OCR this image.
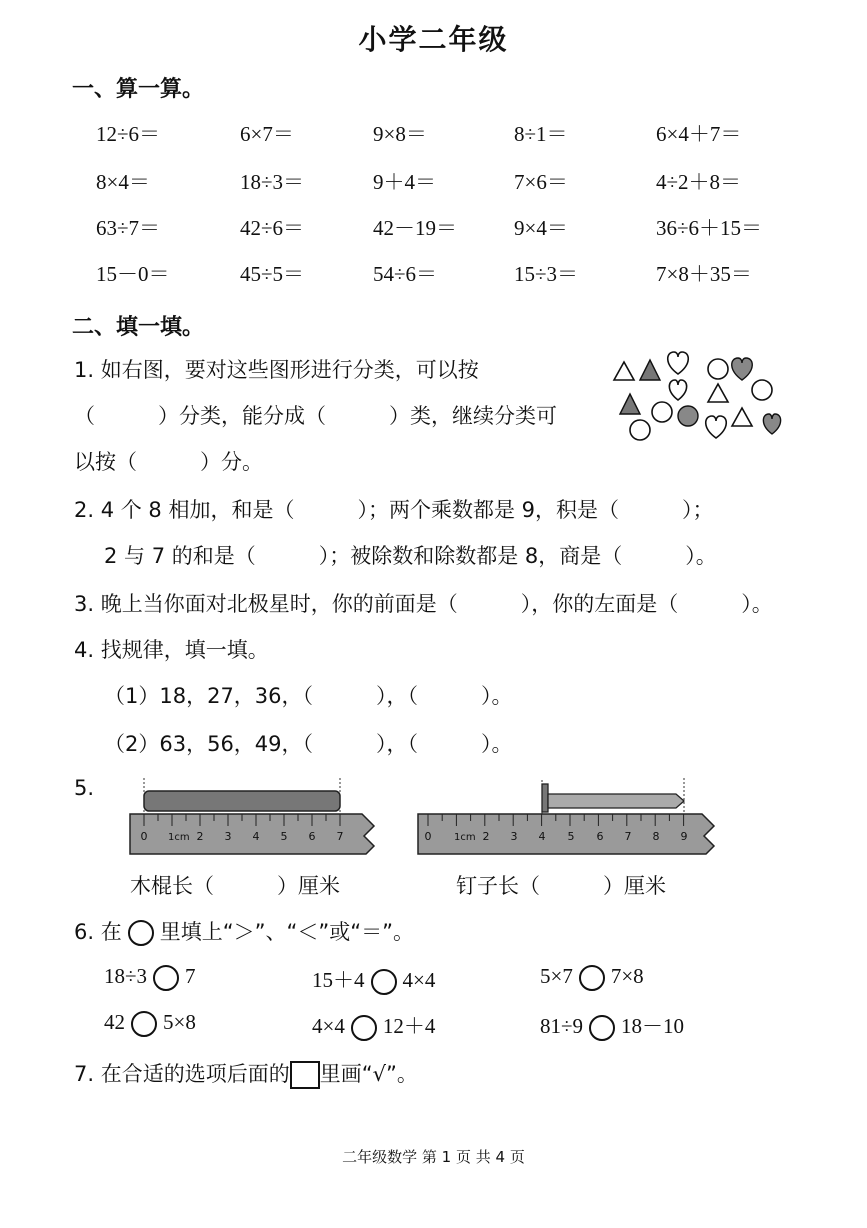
小学二年级
一、算一算。
12÷6＝	6×7＝	9×8＝	8÷1＝	6×4＋7＝
8×4＝	18÷3＝	9＋4＝	7×6＝	4÷2＋8＝
63÷7＝	42÷6＝	42－19＝	9×4＝	36÷6＋15＝
15－0＝	45÷5＝	54÷6＝	15÷3＝	7×8＋35＝
二、填一填。
1. 如右图，要对这些图形进行分类，可以按
（　　　）分类，能分成（　　　）类，继续分类可
以按（　　　）分。
2. 4 个 8 相加，和是（　　　）；两个乘数都是 9，积是（　　　）；
2 与 7 的和是（　　　）；被除数和除数都是 8，商是（　　　）。
3. 晚上当你面对北极星时，你的前面是（　　　），你的左面是（　　　）。
4. 找规律，填一填。
（1）18，27，36，（　　　），（　　　）。
（2）63，56，49，（　　　），（　　　）。
5.
0 1cm 2 3 4 5 6 7	0 1cm 2 3 4 5 6 7 8 9
木棍长（　　　）厘米	钉子长（　　　）厘米
6. 在 里填上“＞”、“＜”或“＝”。
18÷3 7	15＋4 4×4	5×7 7×8
42 5×8	4×4 12＋4	81÷9 18－10
7. 在合适的选项后面的 里画“√”。
二年级数学 第 1 页 共 4 页
